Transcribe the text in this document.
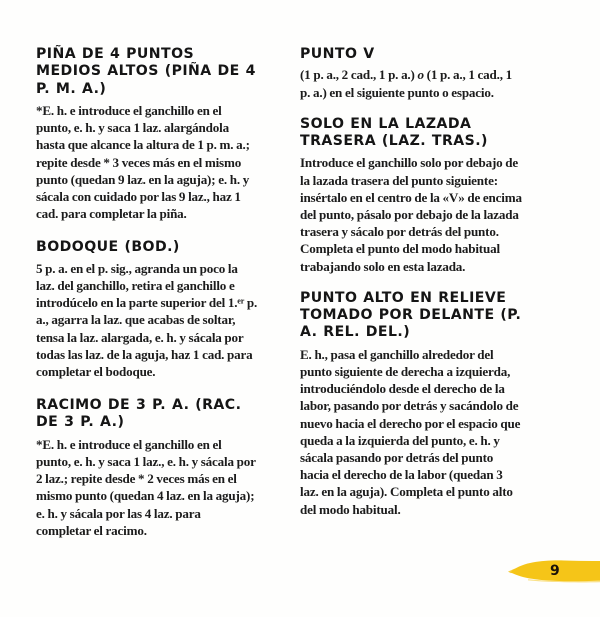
PIÑA DE 4 PUNTOS MEDIOS ALTOS (PIÑA DE 4 P. M. A.)

*E. h. e introduce el ganchillo en el punto, e. h. y saca 1 laz. alargándola hasta que alcance la altura de 1 p. m. a.; repite desde * 3 veces más en el mismo punto (quedan 9 laz. en la aguja); e. h. y sácala con cuidado por las 9 laz., haz 1 cad. para completar la piña.

BODOQUE (BOD.)

5 p. a. en el p. sig., agranda un poco la laz. del ganchillo, retira el ganchillo e introdúcelo en la parte superior del 1.$^{er}$ p. a., agarra la laz. que acabas de soltar, tensa la laz. alargada, e. h. y sácala por todas las laz. de la aguja, haz 1 cad. para completar el bodoque.

RACIMO DE 3 P. A. (RAC. DE 3 P. A.)

*E. h. e introduce el ganchillo en el punto, e. h. y saca 1 laz., e. h. y sácala por 2 laz.; repite desde * 2 veces más en el mismo punto (quedan 4 laz. en la aguja); e. h. y sácala por las 4 laz. para completar el racimo.

PUNTO V

(1 p. a., 2 cad., 1 p. a.) o (1 p. a., 1 cad., 1 p. a.) en el siguiente punto o espacio.

SOLO EN LA LAZADA TRASERA (LAZ. TRAS.)

Introduce el ganchillo solo por debajo de la lazada trasera del punto siguiente: insértalo en el centro de la «V» de encima del punto, pásalo por debajo de la lazada trasera y sácalo por detrás del punto. Completa el punto del modo habitual trabajando solo en esta lazada.

PUNTO ALTO EN RELIEVE TOMADO POR DELANTE (P. A. REL. DEL.)

E. h., pasa el ganchillo alrededor del punto siguiente de derecha a izquierda, introduciéndolo desde el derecho de la labor, pasando por detrás y sacándolo de nuevo hacia el derecho por el espacio que queda a la izquierda del punto, e. h. y sácala pasando por detrás del punto hacia el derecho de la labor (quedan 3 laz. en la aguja). Completa el punto alto del modo habitual.

9
